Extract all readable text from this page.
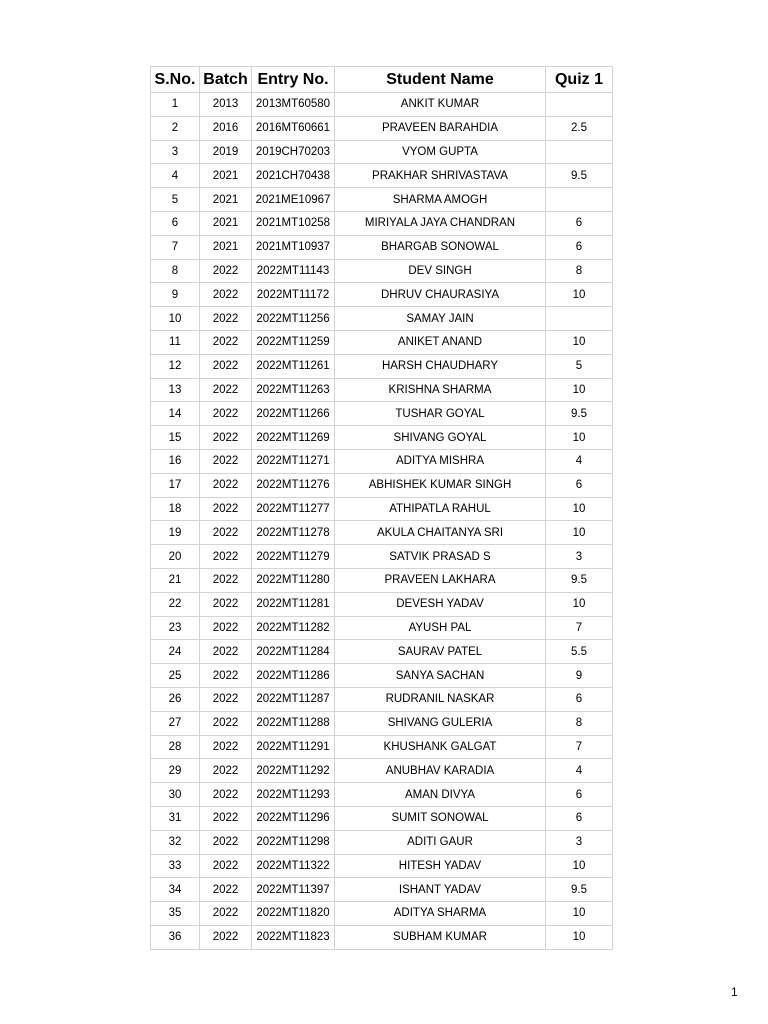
S.No.	Batch	Entry No.	Student Name	Quiz 1
1	2013	2013MT60580	ANKIT KUMAR	
2	2016	2016MT60661	PRAVEEN BARAHDIA	2.5
3	2019	2019CH70203	VYOM GUPTA	
4	2021	2021CH70438	PRAKHAR SHRIVASTAVA	9.5
5	2021	2021ME10967	SHARMA AMOGH	
6	2021	2021MT10258	MIRIYALA JAYA CHANDRAN	6
7	2021	2021MT10937	BHARGAB SONOWAL	6
8	2022	2022MT11143	DEV SINGH	8
9	2022	2022MT11172	DHRUV CHAURASIYA	10
10	2022	2022MT11256	SAMAY JAIN	
11	2022	2022MT11259	ANIKET ANAND	10
12	2022	2022MT11261	HARSH CHAUDHARY	5
13	2022	2022MT11263	KRISHNA SHARMA	10
14	2022	2022MT11266	TUSHAR GOYAL	9.5
15	2022	2022MT11269	SHIVANG GOYAL	10
16	2022	2022MT11271	ADITYA MISHRA	4
17	2022	2022MT11276	ABHISHEK KUMAR SINGH	6
18	2022	2022MT11277	ATHIPATLA RAHUL	10
19	2022	2022MT11278	AKULA CHAITANYA SRI	10
20	2022	2022MT11279	SATVIK PRASAD S	3
21	2022	2022MT11280	PRAVEEN LAKHARA	9.5
22	2022	2022MT11281	DEVESH YADAV	10
23	2022	2022MT11282	AYUSH PAL	7
24	2022	2022MT11284	SAURAV PATEL	5.5
25	2022	2022MT11286	SANYA SACHAN	9
26	2022	2022MT11287	RUDRANIL NASKAR	6
27	2022	2022MT11288	SHIVANG GULERIA	8
28	2022	2022MT11291	KHUSHANK GALGAT	7
29	2022	2022MT11292	ANUBHAV KARADIA	4
30	2022	2022MT11293	AMAN DIVYA	6
31	2022	2022MT11296	SUMIT SONOWAL	6
32	2022	2022MT11298	ADITI GAUR	3
33	2022	2022MT11322	HITESH YADAV	10
34	2022	2022MT11397	ISHANT YADAV	9.5
35	2022	2022MT11820	ADITYA SHARMA	10
36	2022	2022MT11823	SUBHAM KUMAR	10
1
